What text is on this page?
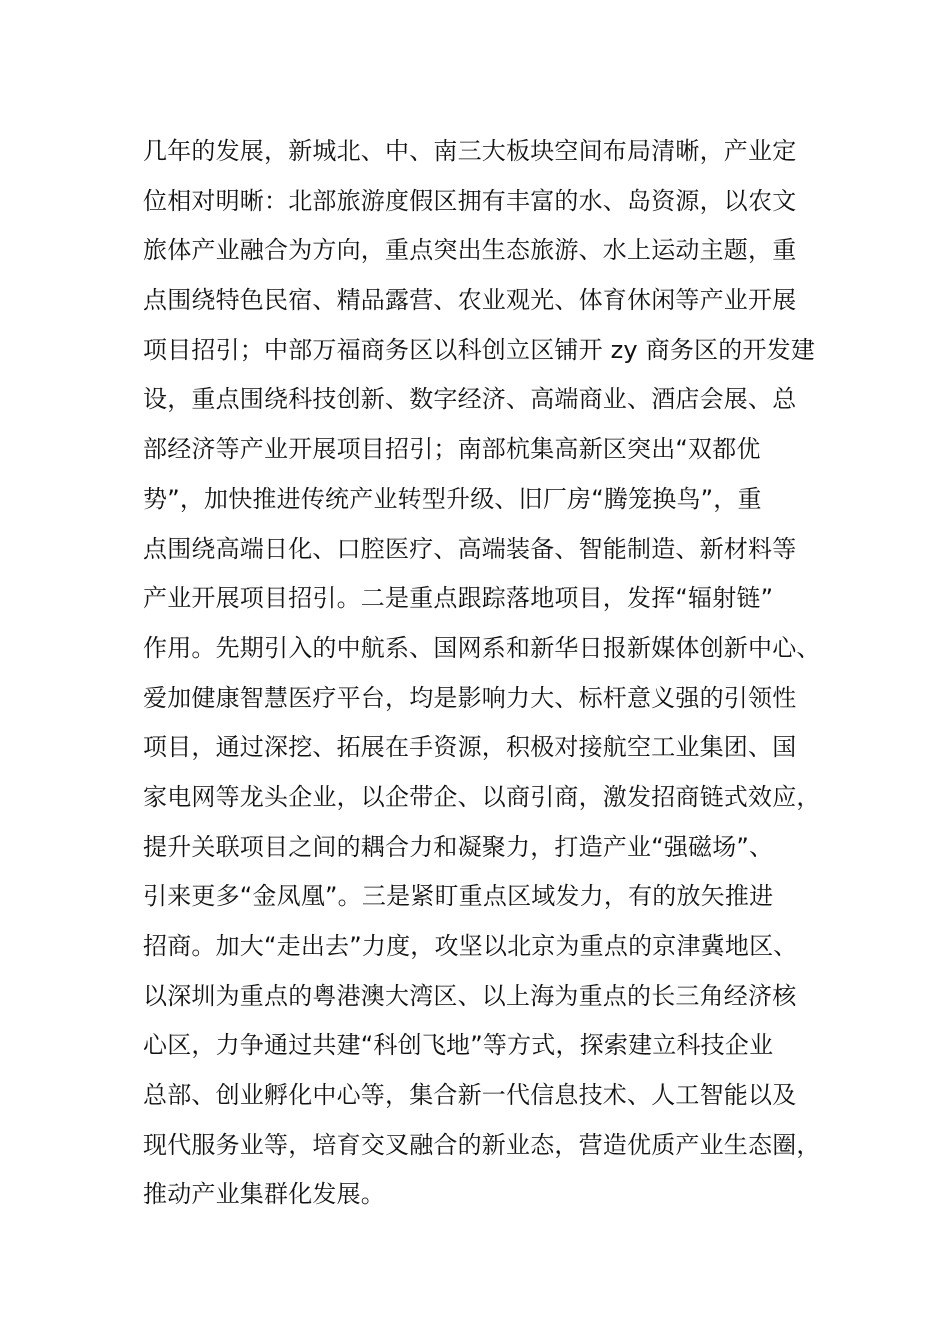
几年的发展，新城北、中、南三大板块空间布局清晰，产业定
位相对明晰：北部旅游度假区拥有丰富的水、岛资源，以农文
旅体产业融合为方向，重点突出生态旅游、水上运动主题，重
点围绕特色民宿、精品露营、农业观光、体育休闲等产业开展
项目招引；中部万福商务区以科创立区铺开 zy 商务区的开发建
设，重点围绕科技创新、数字经济、高端商业、酒店会展、总
部经济等产业开展项目招引；南部杭集高新区突出“双都优
势”，加快推进传统产业转型升级、旧厂房“腾笼换鸟”，重
点围绕高端日化、口腔医疗、高端装备、智能制造、新材料等
产业开展项目招引。二是重点跟踪落地项目，发挥“辐射链”
作用。先期引入的中航系、国网系和新华日报新媒体创新中心、
爱加健康智慧医疗平台，均是影响力大、标杆意义强的引领性
项目，通过深挖、拓展在手资源，积极对接航空工业集团、国
家电网等龙头企业，以企带企、以商引商，激发招商链式效应，
提升关联项目之间的耦合力和凝聚力，打造产业“强磁场”、
引来更多“金凤凰”。三是紧盯重点区域发力，有的放矢推进
招商。加大“走出去”力度，攻坚以北京为重点的京津冀地区、
以深圳为重点的粤港澳大湾区、以上海为重点的长三角经济核
心区，力争通过共建“科创飞地”等方式，探索建立科技企业
总部、创业孵化中心等，集合新一代信息技术、人工智能以及
现代服务业等，培育交叉融合的新业态，营造优质产业生态圈，
推动产业集群化发展。
